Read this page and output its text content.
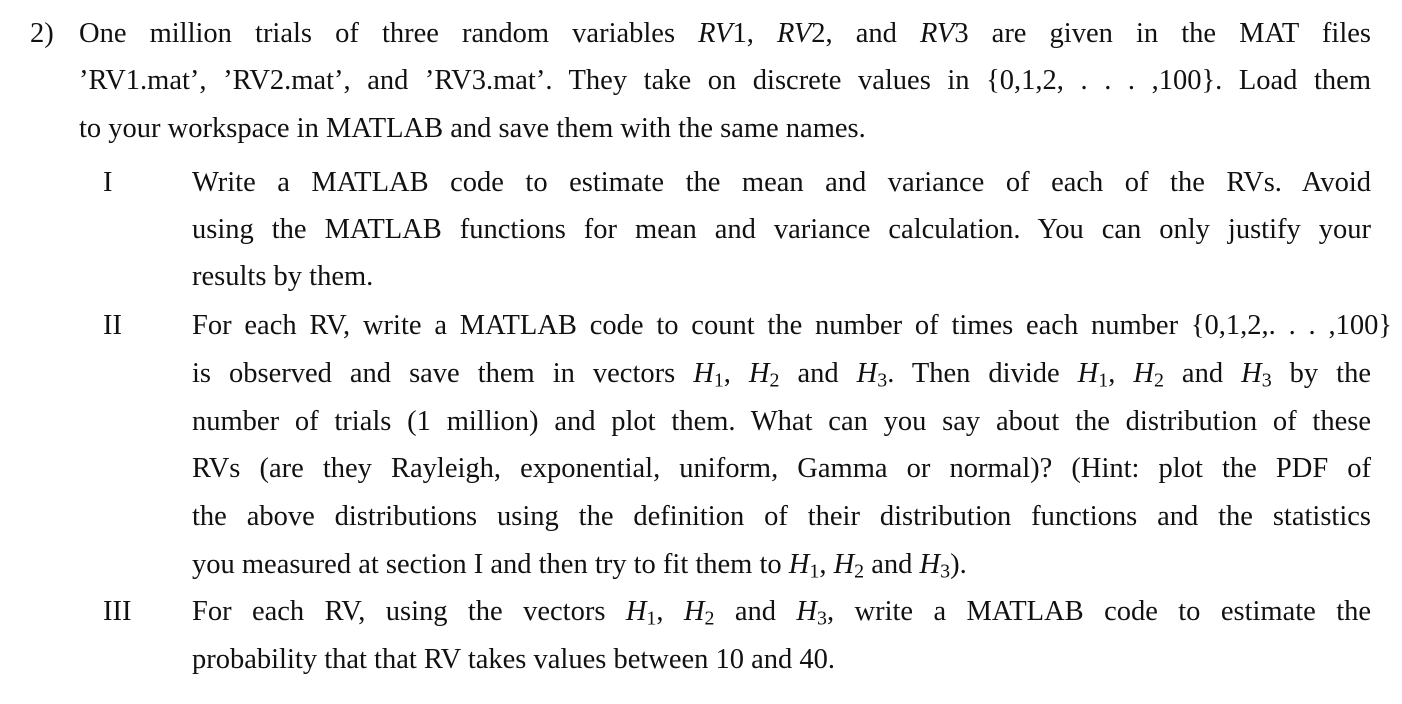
2) One million trials of three random variables RV1, RV2, and RV3 are given in the MAT files
’RV1.mat’, ’RV2.mat’, and ’RV3.mat’. They take on discrete values in {0,1,2, . . . ,100}. Load them
to your workspace in MATLAB and save them with the same names.
I	Write a MATLAB code to estimate the mean and variance of each of the RVs. Avoid
using the MATLAB functions for mean and variance calculation. You can only justify your
results by them.
II For each RV, write a MATLAB code to count the number of times each number {0,1,2,. . . ,100}
is observed and save them in vectors $H_1$, $H_2$ and $H_3$. Then divide $H_1$, $H_2$ and $H_3$ by the
number of trials (1 million) and plot them. What can you say about the distribution of these
RVs (are they Rayleigh, exponential, uniform, Gamma or normal)? (Hint: plot the PDF of
the above distributions using the definition of their distribution functions and the statistics
you measured at section I and then try to fit them to $H_1$, $H_2$ and $H_3$).
III For each RV, using the vectors $H_1$, $H_2$ and $H_3$, write a MATLAB code to estimate the
probability that that RV takes values between 10 and 40.
